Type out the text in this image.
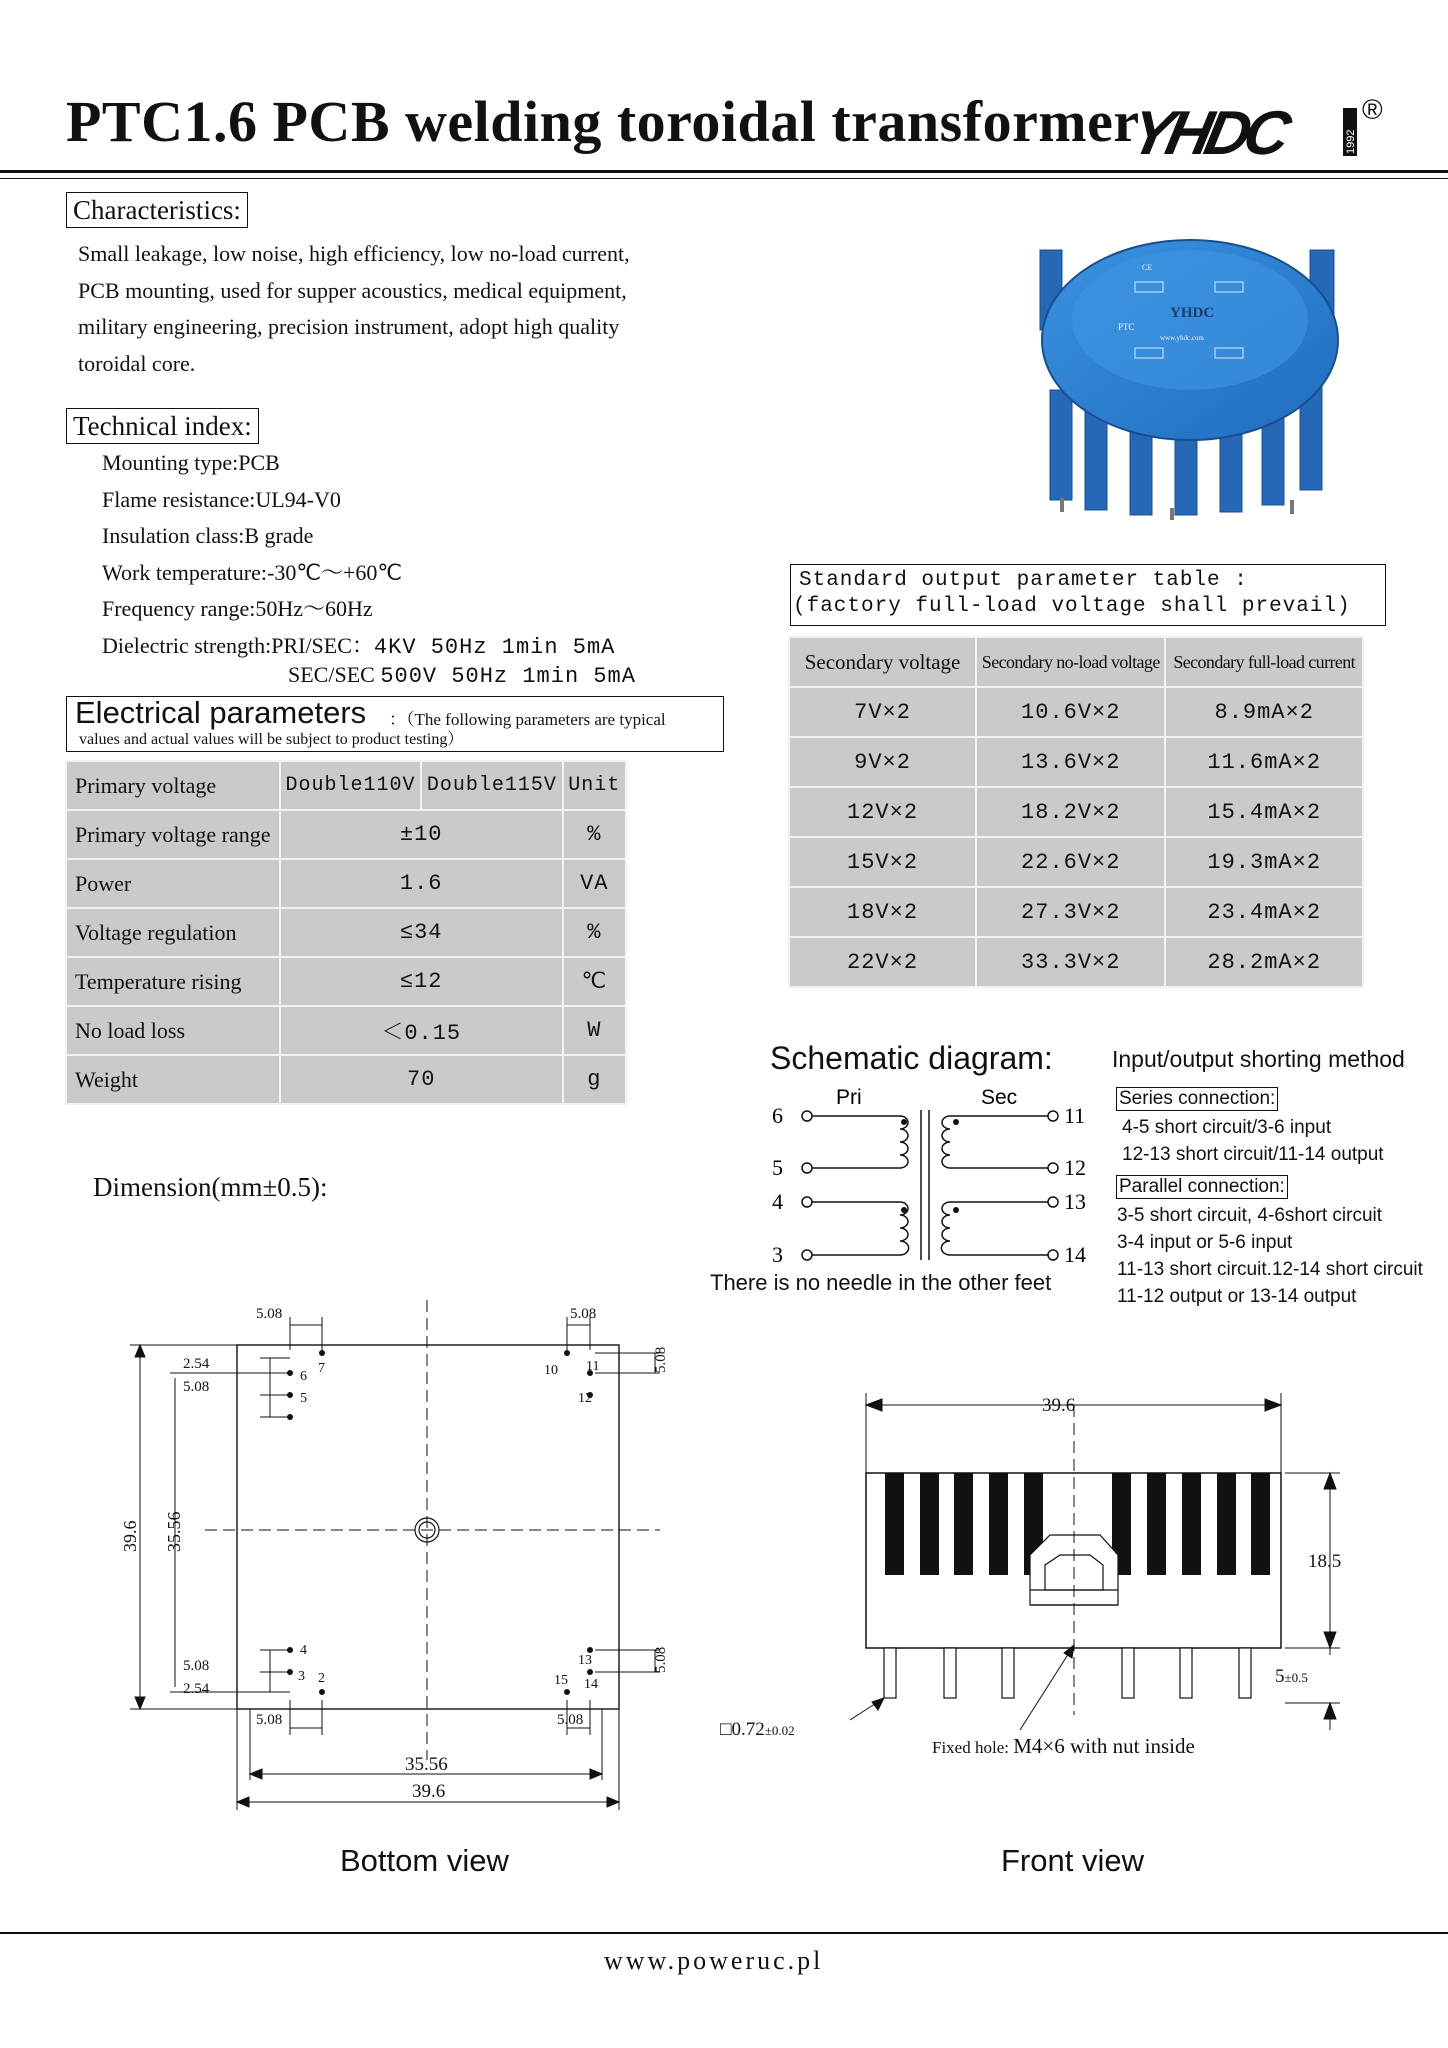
PTC1.6 PCB welding toroidal transformer
YHDC	1992
®
Characteristics:
Small leakage, low noise, high efficiency, low no-load current,
PCB mounting, used for supper acoustics, medical equipment,
military engineering, precision instrument, adopt high quality
toroidal core.
Technical index:
Mounting type:PCB
Flame resistance:UL94-V0
Insulation class:B grade
Work temperature:-30℃～+60℃
Frequency range:50Hz～60Hz
Dielectric strength:PRI/SEC：4KV 50Hz 1min 5mA
SEC/SEC 500V 50Hz 1min 5mA
Electrical parameters ：（The following parameters are typical
values and actual values will be subject to product testing）
Primary voltage	Double110V	Double115V	Unit
Primary voltage range	±10		%
Power	1.6		VA
Voltage regulation	≤34		%
Temperature rising	≤12		℃
No load loss	＜0.15		W
Weight	70		g
CE
YHDC
PTC
www.yhdc.com
Standard output parameter table :
(factory full-load voltage shall prevail)
Secondary voltage	Secondary no-load voltage	Secondary full-load current
7V×2	10.6V×2	8.9mA×2
9V×2	13.6V×2	11.6mA×2
12V×2	18.2V×2	15.4mA×2
15V×2	22.6V×2	19.3mA×2
18V×2	27.3V×2	23.4mA×2
22V×2	33.3V×2	28.2mA×2
Schematic diagram:
Pri	Sec
6
5
4
3
11
12
13
14
There is no needle in the other feet
Input/output shorting method
Series connection:
4-5 short circuit/3-6 input
12-13 short circuit/11-14 output
Parallel connection:
3-5 short circuit, 4-6short circuit
3-4 input or 5-6 input
11-13 short circuit.12-14 short circuit
11-12 output or 13-14 output
Dimension(mm±0.5):
6
7
5
10 11
12
4
3 2
13
15 14
5.08	5.08
5.08
5.08
2.54
5.08
5.08
2.54
5.08	5.08
39.6 35.56
35.56
39.6
39.6
18.5
5±0.5
□0.72±0.02
Fixed hole: M4×6 with nut inside
Bottom view	Front view
www.poweruc.pl
